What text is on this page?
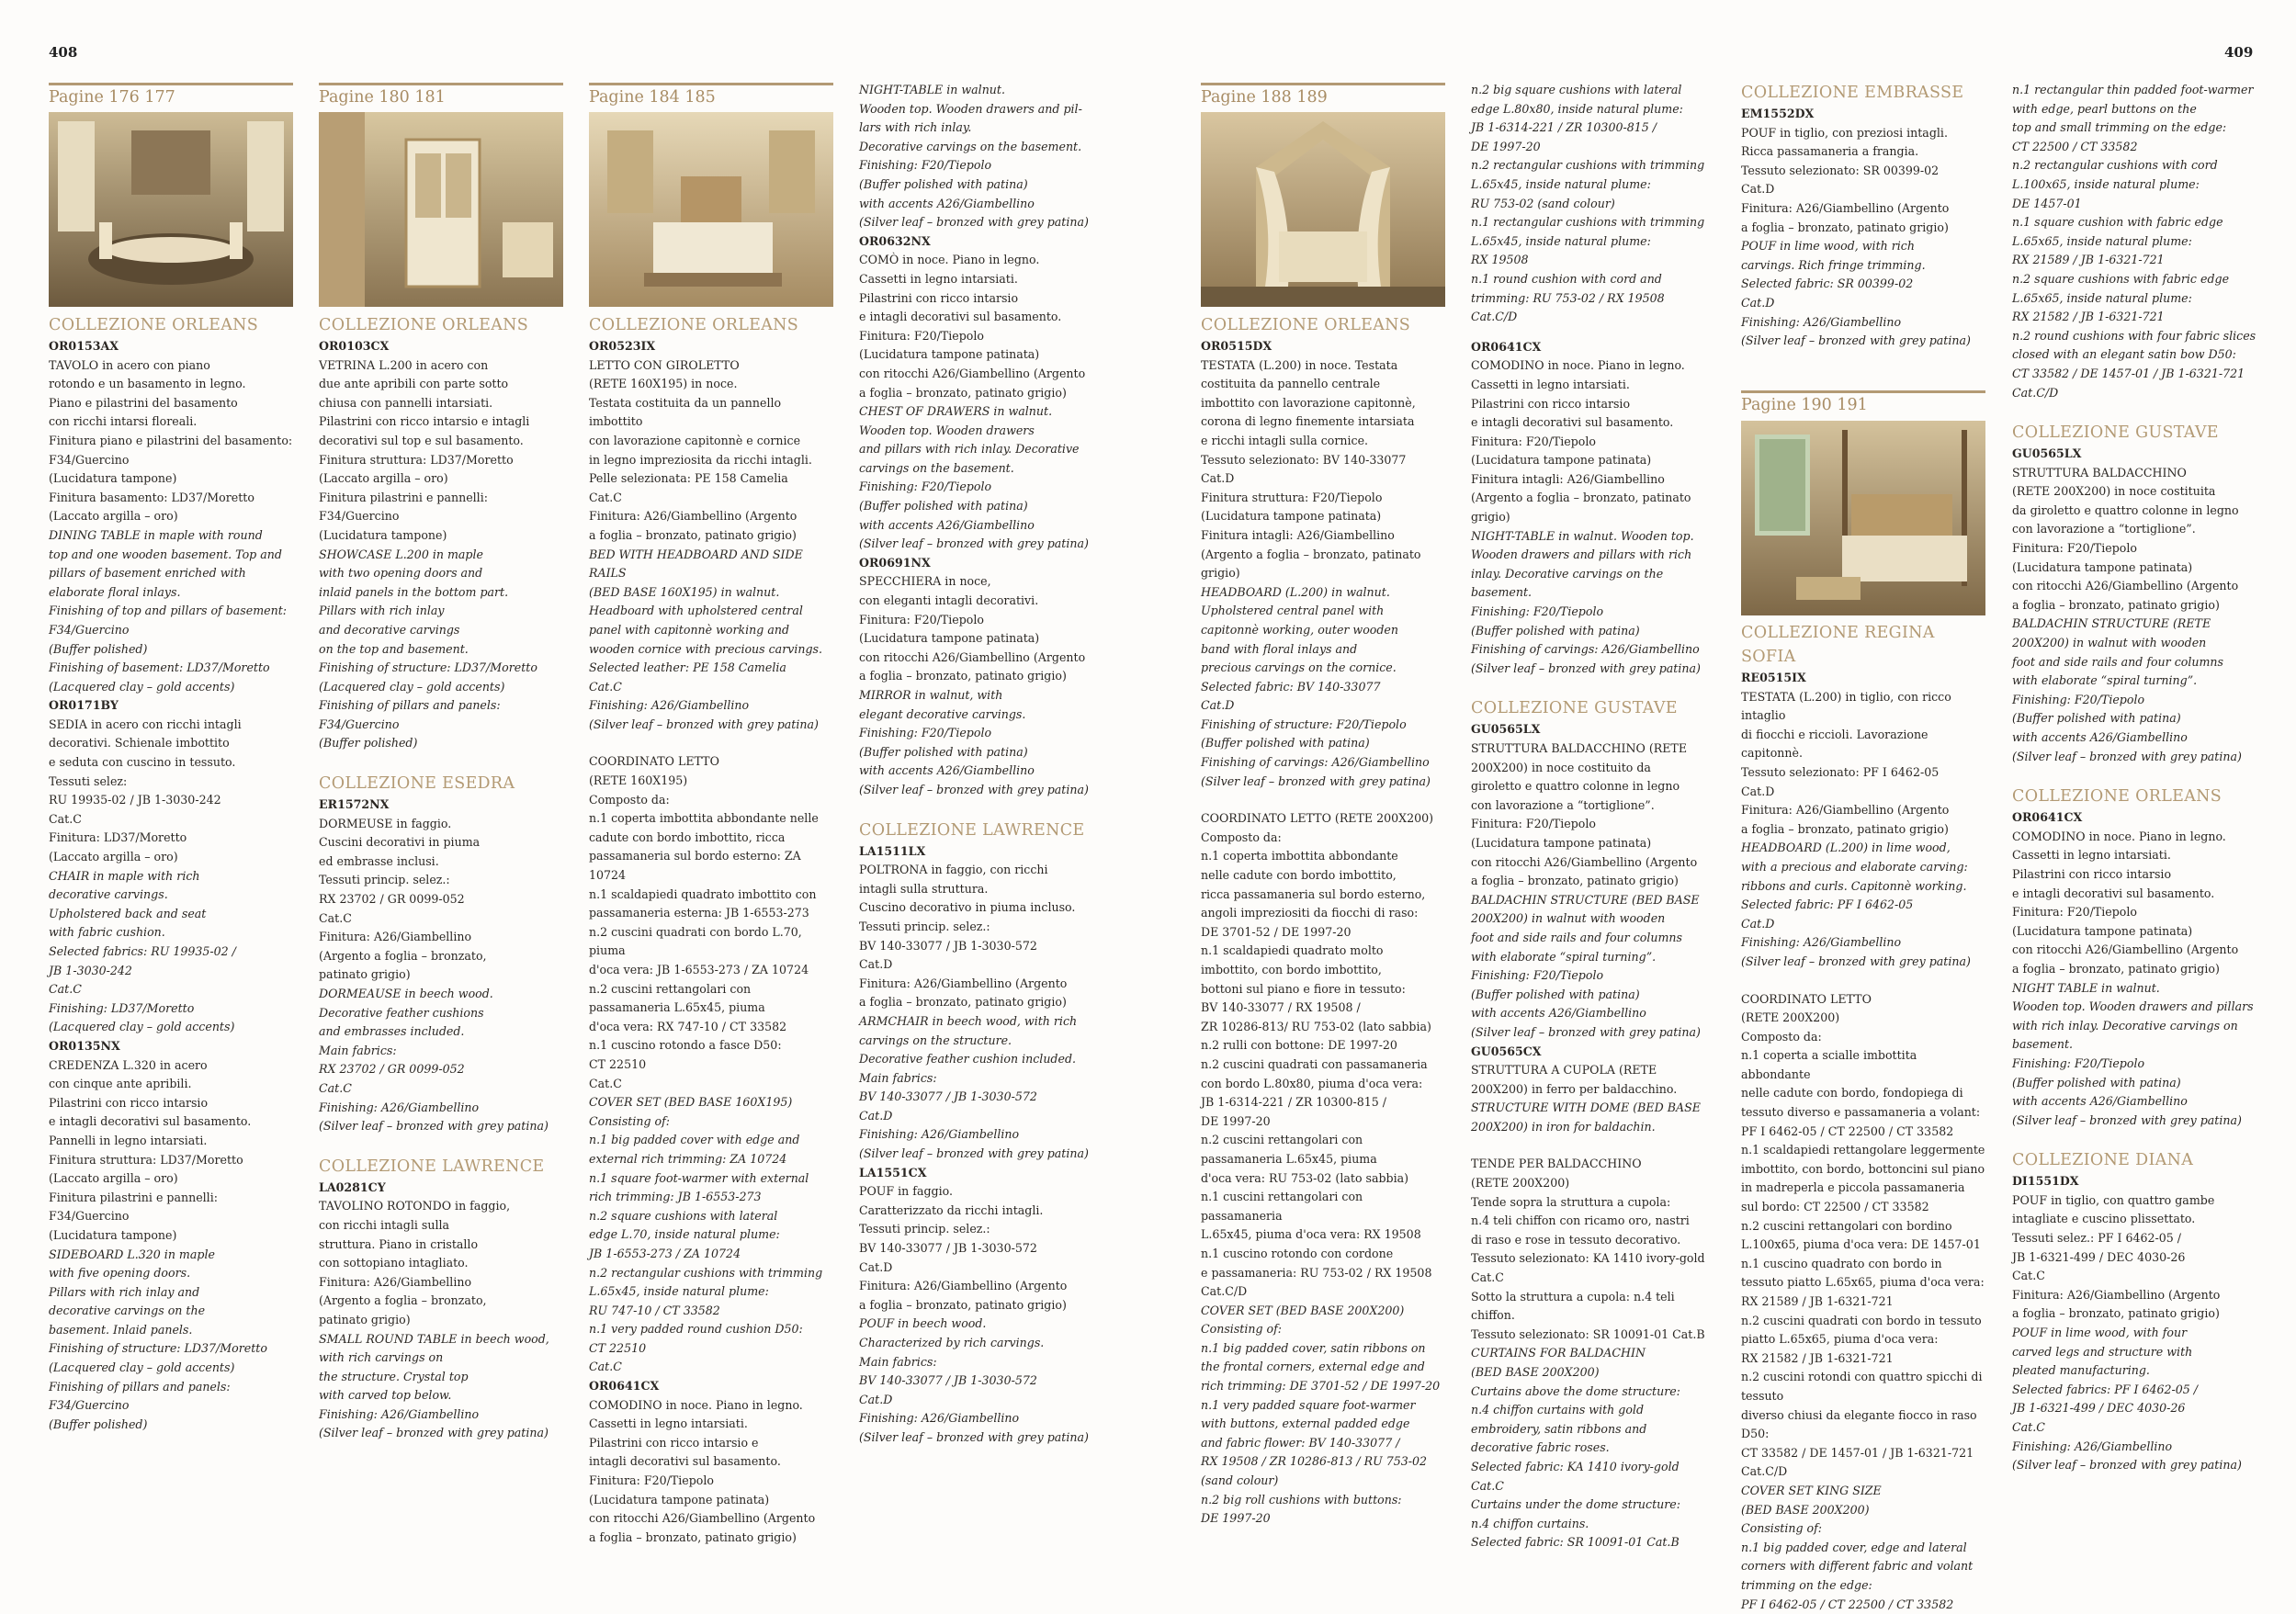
408	409
Pagine 176 177	Pagine 180 181	Pagine 184 185	Pagine 188 189
Pagine 190 191

COLLEZIONE ORLEANS

OR0153AX

TAVOLO in acero con piano
rotondo e un basamento in legno.
Piano e pilastrini del basamento
con ricchi intarsi floreali.
Finitura piano e pilastrini del basamento:
F34/Guercino
(Lucidatura tampone)
Finitura basamento: LD37/Moretto
(Laccato argilla – oro)

DINING TABLE in maple with round
top and one wooden basement. Top and
pillars of basement enriched with
elaborate floral inlays.
Finishing of top and pillars of basement:
F34/Guercino
(Buffer polished)
Finishing of basement: LD37/Moretto
(Lacquered clay – gold accents)

OR0171BY

SEDIA in acero con ricchi intagli
decorativi. Schienale imbottito
e seduta con cuscino in tessuto.
Tessuti selez:
RU 19935-02 / JB 1-3030-242
Cat.C
Finitura: LD37/Moretto
(Laccato argilla – oro)

CHAIR in maple with rich
decorative carvings.
Upholstered back and seat
with fabric cushion.
Selected fabrics: RU 19935-02 /
JB 1-3030-242
Cat.C
Finishing: LD37/Moretto
(Lacquered clay – gold accents)

OR0135NX

CREDENZA L.320 in acero
con cinque ante apribili.
Pilastrini con ricco intarsio
e intagli decorativi sul basamento.
Pannelli in legno intarsiati.
Finitura struttura: LD37/Moretto
(Laccato argilla – oro)
Finitura pilastrini e pannelli:
F34/Guercino
(Lucidatura tampone)

SIDEBOARD L.320 in maple
with five opening doors.
Pillars with rich inlay and
decorative carvings on the
basement. Inlaid panels.
Finishing of structure: LD37/Moretto
(Lacquered clay – gold accents)
Finishing of pillars and panels:
F34/Guercino
(Buffer polished)

COLLEZIONE ORLEANS

OR0103CX

VETRINA L.200 in acero con
due ante apribili con parte sotto
chiusa con pannelli intarsiati.
Pilastrini con ricco intarsio e intagli
decorativi sul top e sul basamento.
Finitura struttura: LD37/Moretto
(Laccato argilla – oro)
Finitura pilastrini e pannelli:
F34/Guercino
(Lucidatura tampone)

SHOWCASE L.200 in maple
with two opening doors and
inlaid panels in the bottom part.
Pillars with rich inlay
and decorative carvings
on the top and basement.
Finishing of structure: LD37/Moretto
(Lacquered clay – gold accents)
Finishing of pillars and panels:
F34/Guercino
(Buffer polished)

COLLEZIONE ESEDRA

ER1572NX

DORMEUSE in faggio.
Cuscini decorativi in piuma
ed embrasse inclusi.
Tessuti princip. selez.:
RX 23702 / GR 0099-052
Cat.C
Finitura: A26/Giambellino
(Argento a foglia – bronzato,
patinato grigio)

DORMEAUSE in beech wood.
Decorative feather cushions
and embrasses included.
Main fabrics:
RX 23702 / GR 0099-052
Cat.C
Finishing: A26/Giambellino
(Silver leaf – bronzed with grey patina)

COLLEZIONE LAWRENCE

LA0281CY

TAVOLINO ROTONDO in faggio,
con ricchi intagli sulla
struttura. Piano in cristallo
con sottopiano intagliato.
Finitura: A26/Giambellino
(Argento a foglia – bronzato,
patinato grigio)

SMALL ROUND TABLE in beech wood,
with rich carvings on
the structure. Crystal top
with carved top below.
Finishing: A26/Giambellino
(Silver leaf – bronzed with grey patina)

COLLEZIONE ORLEANS

OR0523IX

LETTO CON GIROLETTO
(RETE 160X195) in noce.
Testata costituita da un pannello imbottito
con lavorazione capitonnè e cornice
in legno impreziosita da ricchi intagli.
Pelle selezionata: PE 158 Camelia
Cat.C
Finitura: A26/Giambellino (Argento
a foglia – bronzato, patinato grigio)

BED WITH HEADBOARD AND SIDE RAILS
(BED BASE 160X195) in walnut.
Headboard with upholstered central
panel with capitonnè working and
wooden cornice with precious carvings.
Selected leather: PE 158 Camelia
Cat.C
Finishing: A26/Giambellino
(Silver leaf – bronzed with grey patina)

COORDINATO LETTO
(RETE 160X195)
Composto da:
n.1 coperta imbottita abbondante nelle
cadute con bordo imbottito, ricca
passamaneria sul bordo esterno: ZA 10724
n.1 scaldapiedi quadrato imbottito con
passamaneria esterna: JB 1-6553-273
n.2 cuscini quadrati con bordo L.70, piuma
d'oca vera: JB 1-6553-273 / ZA 10724
n.2 cuscini rettangolari con
passamaneria L.65x45, piuma
d'oca vera: RX 747-10 / CT 33582
n.1 cuscino rotondo a fasce D50:
CT 22510
Cat.C

COVER SET (BED BASE 160X195)
Consisting of:
n.1 big padded cover with edge and
external rich trimming: ZA 10724
n.1 square foot-warmer with external
rich trimming: JB 1-6553-273
n.2 square cushions with lateral
edge L.70, inside natural plume:
JB 1-6553-273 / ZA 10724
n.2 rectangular cushions with trimming
L.65x45, inside natural plume:
RU 747-10 / CT 33582
n.1 very padded round cushion D50:
CT 22510
Cat.C

OR0641CX

COMODINO in noce. Piano in legno.
Cassetti in legno intarsiati.
Pilastrini con ricco intarsio e
intagli decorativi sul basamento.
Finitura: F20/Tiepolo
(Lucidatura tampone patinata)
con ritocchi A26/Giambellino (Argento
a foglia – bronzato, patinato grigio)

NIGHT-TABLE in walnut.
Wooden top. Wooden drawers and pil-
lars with rich inlay.
Decorative carvings on the basement.
Finishing: F20/Tiepolo
(Buffer polished with patina)
with accents A26/Giambellino
(Silver leaf – bronzed with grey patina)

OR0632NX

COMÒ in noce. Piano in legno.
Cassetti in legno intarsiati.
Pilastrini con ricco intarsio
e intagli decorativi sul basamento.
Finitura: F20/Tiepolo
(Lucidatura tampone patinata)
con ritocchi A26/Giambellino (Argento
a foglia – bronzato, patinato grigio)

CHEST OF DRAWERS in walnut.
Wooden top. Wooden drawers
and pillars with rich inlay. Decorative
carvings on the basement.
Finishing: F20/Tiepolo
(Buffer polished with patina)
with accents A26/Giambellino
(Silver leaf – bronzed with grey patina)

OR0691NX

SPECCHIERA in noce,
con eleganti intagli decorativi.
Finitura: F20/Tiepolo
(Lucidatura tampone patinata)
con ritocchi A26/Giambellino (Argento
a foglia – bronzato, patinato grigio)

MIRROR in walnut, with
elegant decorative carvings.
Finishing: F20/Tiepolo
(Buffer polished with patina)
with accents A26/Giambellino
(Silver leaf – bronzed with grey patina)

COLLEZIONE LAWRENCE

LA1511LX

POLTRONA in faggio, con ricchi
intagli sulla struttura.
Cuscino decorativo in piuma incluso.
Tessuti princip. selez.:
BV 140-33077 / JB 1-3030-572
Cat.D
Finitura: A26/Giambellino (Argento
a foglia – bronzato, patinato grigio)

ARMCHAIR in beech wood, with rich
carvings on the structure.
Decorative feather cushion included.
Main fabrics:
BV 140-33077 / JB 1-3030-572
Cat.D
Finishing: A26/Giambellino
(Silver leaf – bronzed with grey patina)

LA1551CX

POUF in faggio.
Caratterizzato da ricchi intagli.
Tessuti princip. selez.:
BV 140-33077 / JB 1-3030-572
Cat.D
Finitura: A26/Giambellino (Argento
a foglia – bronzato, patinato grigio)

POUF in beech wood.
Characterized by rich carvings.
Main fabrics:
BV 140-33077 / JB 1-3030-572
Cat.D
Finishing: A26/Giambellino
(Silver leaf – bronzed with grey patina)

COLLEZIONE ORLEANS

OR0515DX

TESTATA (L.200) in noce. Testata
costituita da pannello centrale
imbottito con lavorazione capitonnè,
corona di legno finemente intarsiata
e ricchi intagli sulla cornice.
Tessuto selezionato: BV 140-33077
Cat.D
Finitura struttura: F20/Tiepolo
(Lucidatura tampone patinata)
Finitura intagli: A26/Giambellino
(Argento a foglia – bronzato, patinato grigio)

HEADBOARD (L.200) in walnut.
Upholstered central panel with
capitonnè working, outer wooden
band with floral inlays and
precious carvings on the cornice.
Selected fabric: BV 140-33077
Cat.D
Finishing of structure: F20/Tiepolo
(Buffer polished with patina)
Finishing of carvings: A26/Giambellino
(Silver leaf – bronzed with grey patina)

COORDINATO LETTO (RETE 200X200)
Composto da:
n.1 coperta imbottita abbondante
nelle cadute con bordo imbottito,
ricca passamaneria sul bordo esterno,
angoli impreziositi da fiocchi di raso:
DE 3701-52 / DE 1997-20
n.1 scaldapiedi quadrato molto
imbottito, con bordo imbottito,
bottoni sul piano e fiore in tessuto:
BV 140-33077 / RX 19508 /
ZR 10286-813/ RU 753-02 (lato sabbia)
n.2 rulli con bottone: DE 1997-20
n.2 cuscini quadrati con passamaneria
con bordo L.80x80, piuma d'oca vera:
JB 1-6314-221 / ZR 10300-815 /
DE 1997-20
n.2 cuscini rettangolari con
passamaneria L.65x45, piuma
d'oca vera: RU 753-02 (lato sabbia)
n.1 cuscini rettangolari con passamaneria
L.65x45, piuma d'oca vera: RX 19508
n.1 cuscino rotondo con cordone
e passamaneria: RU 753-02 / RX 19508
Cat.C/D

COVER SET (BED BASE 200X200)
Consisting of:
n.1 big padded cover, satin ribbons on
the frontal corners, external edge and
rich trimming: DE 3701-52 / DE 1997-20
n.1 very padded square foot-warmer
with buttons, external padded edge
and fabric flower: BV 140-33077 /
RX 19508 / ZR 10286-813 / RU 753-02
(sand colour)
n.2 big roll cushions with buttons:
DE 1997-20

n.2 big square cushions with lateral
edge L.80x80, inside natural plume:
JB 1-6314-221 / ZR 10300-815 /
DE 1997-20
n.2 rectangular cushions with trimming
L.65x45, inside natural plume:
RU 753-02 (sand colour)
n.1 rectangular cushions with trimming
L.65x45, inside natural plume:
RX 19508
n.1 round cushion with cord and
trimming: RU 753-02 / RX 19508
Cat.C/D

OR0641CX

COMODINO in noce. Piano in legno.
Cassetti in legno intarsiati.
Pilastrini con ricco intarsio
e intagli decorativi sul basamento.
Finitura: F20/Tiepolo
(Lucidatura tampone patinata)
Finitura intagli: A26/Giambellino
(Argento a foglia – bronzato, patinato grigio)

NIGHT-TABLE in walnut. Wooden top.
Wooden drawers and pillars with rich
inlay. Decorative carvings on the basement.
Finishing: F20/Tiepolo
(Buffer polished with patina)
Finishing of carvings: A26/Giambellino
(Silver leaf – bronzed with grey patina)

COLLEZIONE GUSTAVE

GU0565LX

STRUTTURA BALDACCHINO (RETE
200X200) in noce costituito da
giroletto e quattro colonne in legno
con lavorazione a “tortiglione”.
Finitura: F20/Tiepolo
(Lucidatura tampone patinata)
con ritocchi A26/Giambellino (Argento
a foglia – bronzato, patinato grigio)

BALDACHIN STRUCTURE (BED BASE
200X200) in walnut with wooden
foot and side rails and four columns
with elaborate “spiral turning”.
Finishing: F20/Tiepolo
(Buffer polished with patina)
with accents A26/Giambellino
(Silver leaf – bronzed with grey patina)

GU0565CX

STRUTTURA A CUPOLA (RETE
200X200) in ferro per baldacchino.

STRUCTURE WITH DOME (BED BASE
200X200) in iron for baldachin.

TENDE PER BALDACCHINO
(RETE 200X200)
Tende sopra la struttura a cupola:
n.4 teli chiffon con ricamo oro, nastri
di raso e rose in tessuto decorativo.
Tessuto selezionato: KA 1410 ivory-gold
Cat.C
Sotto la struttura a cupola: n.4 teli chiffon.
Tessuto selezionato: SR 10091-01 Cat.B

CURTAINS FOR BALDACHIN
(BED BASE 200X200)
Curtains above the dome structure:
n.4 chiffon curtains with gold
embroidery, satin ribbons and
decorative fabric roses.
Selected fabric: KA 1410 ivory-gold
Cat.C
Curtains under the dome structure:
n.4 chiffon curtains.
Selected fabric: SR 10091-01 Cat.B

COLLEZIONE EMBRASSE

EM1552DX

POUF in tiglio, con preziosi intagli.
Ricca passamaneria a frangia.
Tessuto selezionato: SR 00399-02
Cat.D
Finitura: A26/Giambellino (Argento
a foglia – bronzato, patinato grigio)

POUF in lime wood, with rich
carvings. Rich fringe trimming.
Selected fabric: SR 00399-02
Cat.D
Finishing: A26/Giambellino
(Silver leaf – bronzed with grey patina)

COLLEZIONE REGINA SOFIA

RE0515IX

TESTATA (L.200) in tiglio, con ricco intaglio
di fiocchi e riccioli. Lavorazione capitonnè.
Tessuto selezionato: PF I 6462-05
Cat.D
Finitura: A26/Giambellino (Argento
a foglia – bronzato, patinato grigio)

HEADBOARD (L.200) in lime wood,
with a precious and elaborate carving:
ribbons and curls. Capitonnè working.
Selected fabric: PF I 6462-05
Cat.D
Finishing: A26/Giambellino
(Silver leaf – bronzed with grey patina)

COORDINATO LETTO
(RETE 200X200)
Composto da:
n.1 coperta a scialle imbottita abbondante
nelle cadute con bordo, fondopiega di
tessuto diverso e passamaneria a volant:
PF I 6462-05 / CT 22500 / CT 33582
n.1 scaldapiedi rettangolare leggermente
imbottito, con bordo, bottoncini sul piano
in madreperla e piccola passamaneria
sul bordo: CT 22500 / CT 33582
n.2 cuscini rettangolari con bordino
L.100x65, piuma d'oca vera: DE 1457-01
n.1 cuscino quadrato con bordo in
tessuto piatto L.65x65, piuma d'oca vera:
RX 21589 / JB 1-6321-721
n.2 cuscini quadrati con bordo in tessuto
piatto L.65x65, piuma d'oca vera:
RX 21582 / JB 1-6321-721
n.2 cuscini rotondi con quattro spicchi di tessuto
diverso chiusi da elegante fiocco in raso D50:
CT 33582 / DE 1457-01 / JB 1-6321-721
Cat.C/D

COVER SET KING SIZE
(BED BASE 200X200)
Consisting of:
n.1 big padded cover, edge and lateral
corners with different fabric and volant
trimming on the edge:
PF I 6462-05 / CT 22500 / CT 33582

n.1 rectangular thin padded foot-warmer
with edge, pearl buttons on the
top and small trimming on the edge:
CT 22500 / CT 33582
n.2 rectangular cushions with cord
L.100x65, inside natural plume:
DE 1457-01
n.1 square cushion with fabric edge
L.65x65, inside natural plume:
RX 21589 / JB 1-6321-721
n.2 square cushions with fabric edge
L.65x65, inside natural plume:
RX 21582 / JB 1-6321-721
n.2 round cushions with four fabric slices
closed with an elegant satin bow D50:
CT 33582 / DE 1457-01 / JB 1-6321-721
Cat.C/D

COLLEZIONE GUSTAVE

GU0565LX

STRUTTURA BALDACCHINO
(RETE 200X200) in noce costituita
da giroletto e quattro colonne in legno
con lavorazione a “tortiglione”.
Finitura: F20/Tiepolo
(Lucidatura tampone patinata)
con ritocchi A26/Giambellino (Argento
a foglia – bronzato, patinato grigio)

BALDACHIN STRUCTURE (RETE
200X200) in walnut with wooden
foot and side rails and four columns
with elaborate “spiral turning”.
Finishing: F20/Tiepolo
(Buffer polished with patina)
with accents A26/Giambellino
(Silver leaf – bronzed with grey patina)

COLLEZIONE ORLEANS

OR0641CX

COMODINO in noce. Piano in legno.
Cassetti in legno intarsiati.
Pilastrini con ricco intarsio
e intagli decorativi sul basamento.
Finitura: F20/Tiepolo
(Lucidatura tampone patinata)
con ritocchi A26/Giambellino (Argento
a foglia – bronzato, patinato grigio)

NIGHT TABLE in walnut.
Wooden top. Wooden drawers and pillars
with rich inlay. Decorative carvings on
basement.
Finishing: F20/Tiepolo
(Buffer polished with patina)
with accents A26/Giambellino
(Silver leaf – bronzed with grey patina)

COLLEZIONE DIANA

DI1551DX

POUF in tiglio, con quattro gambe
intagliate e cuscino plissettato.
Tessuti selez.: PF I 6462-05 /
JB 1-6321-499 / DEC 4030-26
Cat.C
Finitura: A26/Giambellino (Argento
a foglia – bronzato, patinato grigio)

POUF in lime wood, with four
carved legs and structure with
pleated manufacturing.
Selected fabrics: PF I 6462-05 /
JB 1-6321-499 / DEC 4030-26
Cat.C
Finishing: A26/Giambellino
(Silver leaf – bronzed with grey patina)
